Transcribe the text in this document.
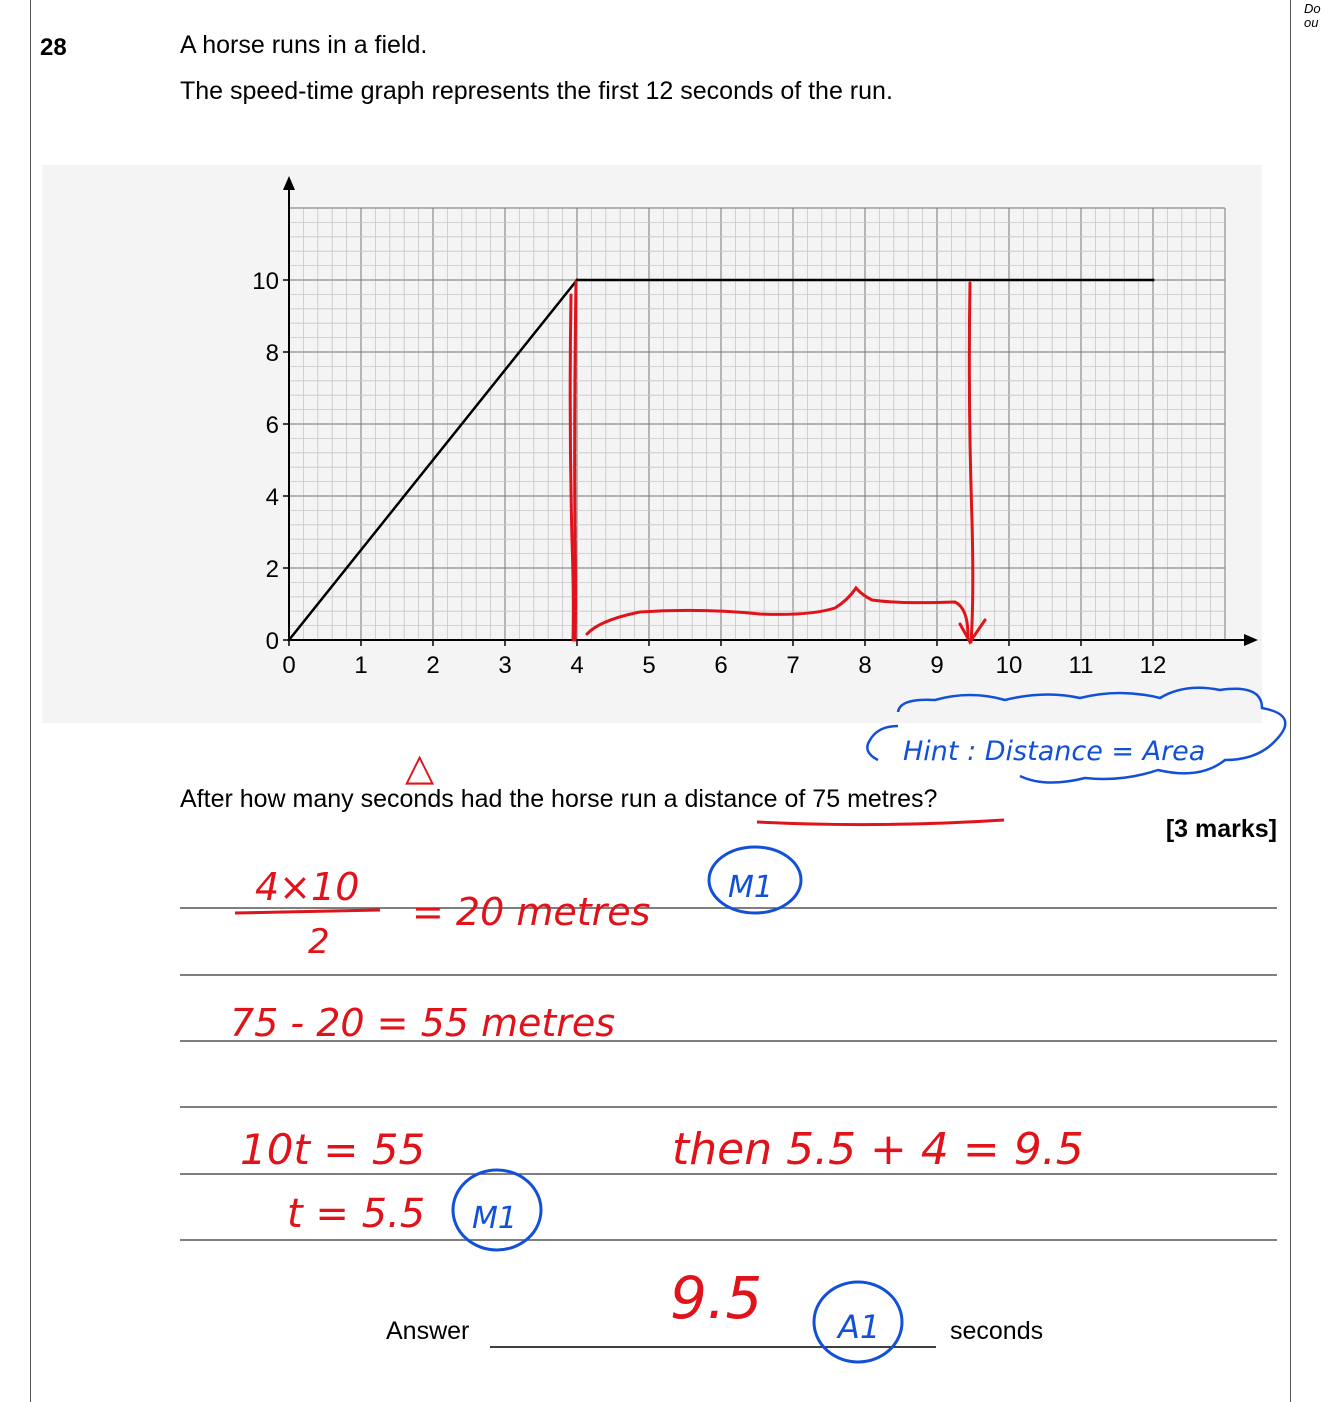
Do
ou
28	A horse runs in a field.
The speed-time graph represents the first 12 seconds of the run.
0 1 2 3 4 5 6 7 8 9 10 11 12
0
2
4
6
8
10
Hint : Distance = Area
△
4×10
2
= 20 metres
75 - 20 = 55 metres
10t = 55
t = 5.5
then 5.5 + 4 = 9.5
9.5
M1
M1
A1
After how many seconds had the horse run a distance of 75 metres?
[3 marks]
Answer	seconds
